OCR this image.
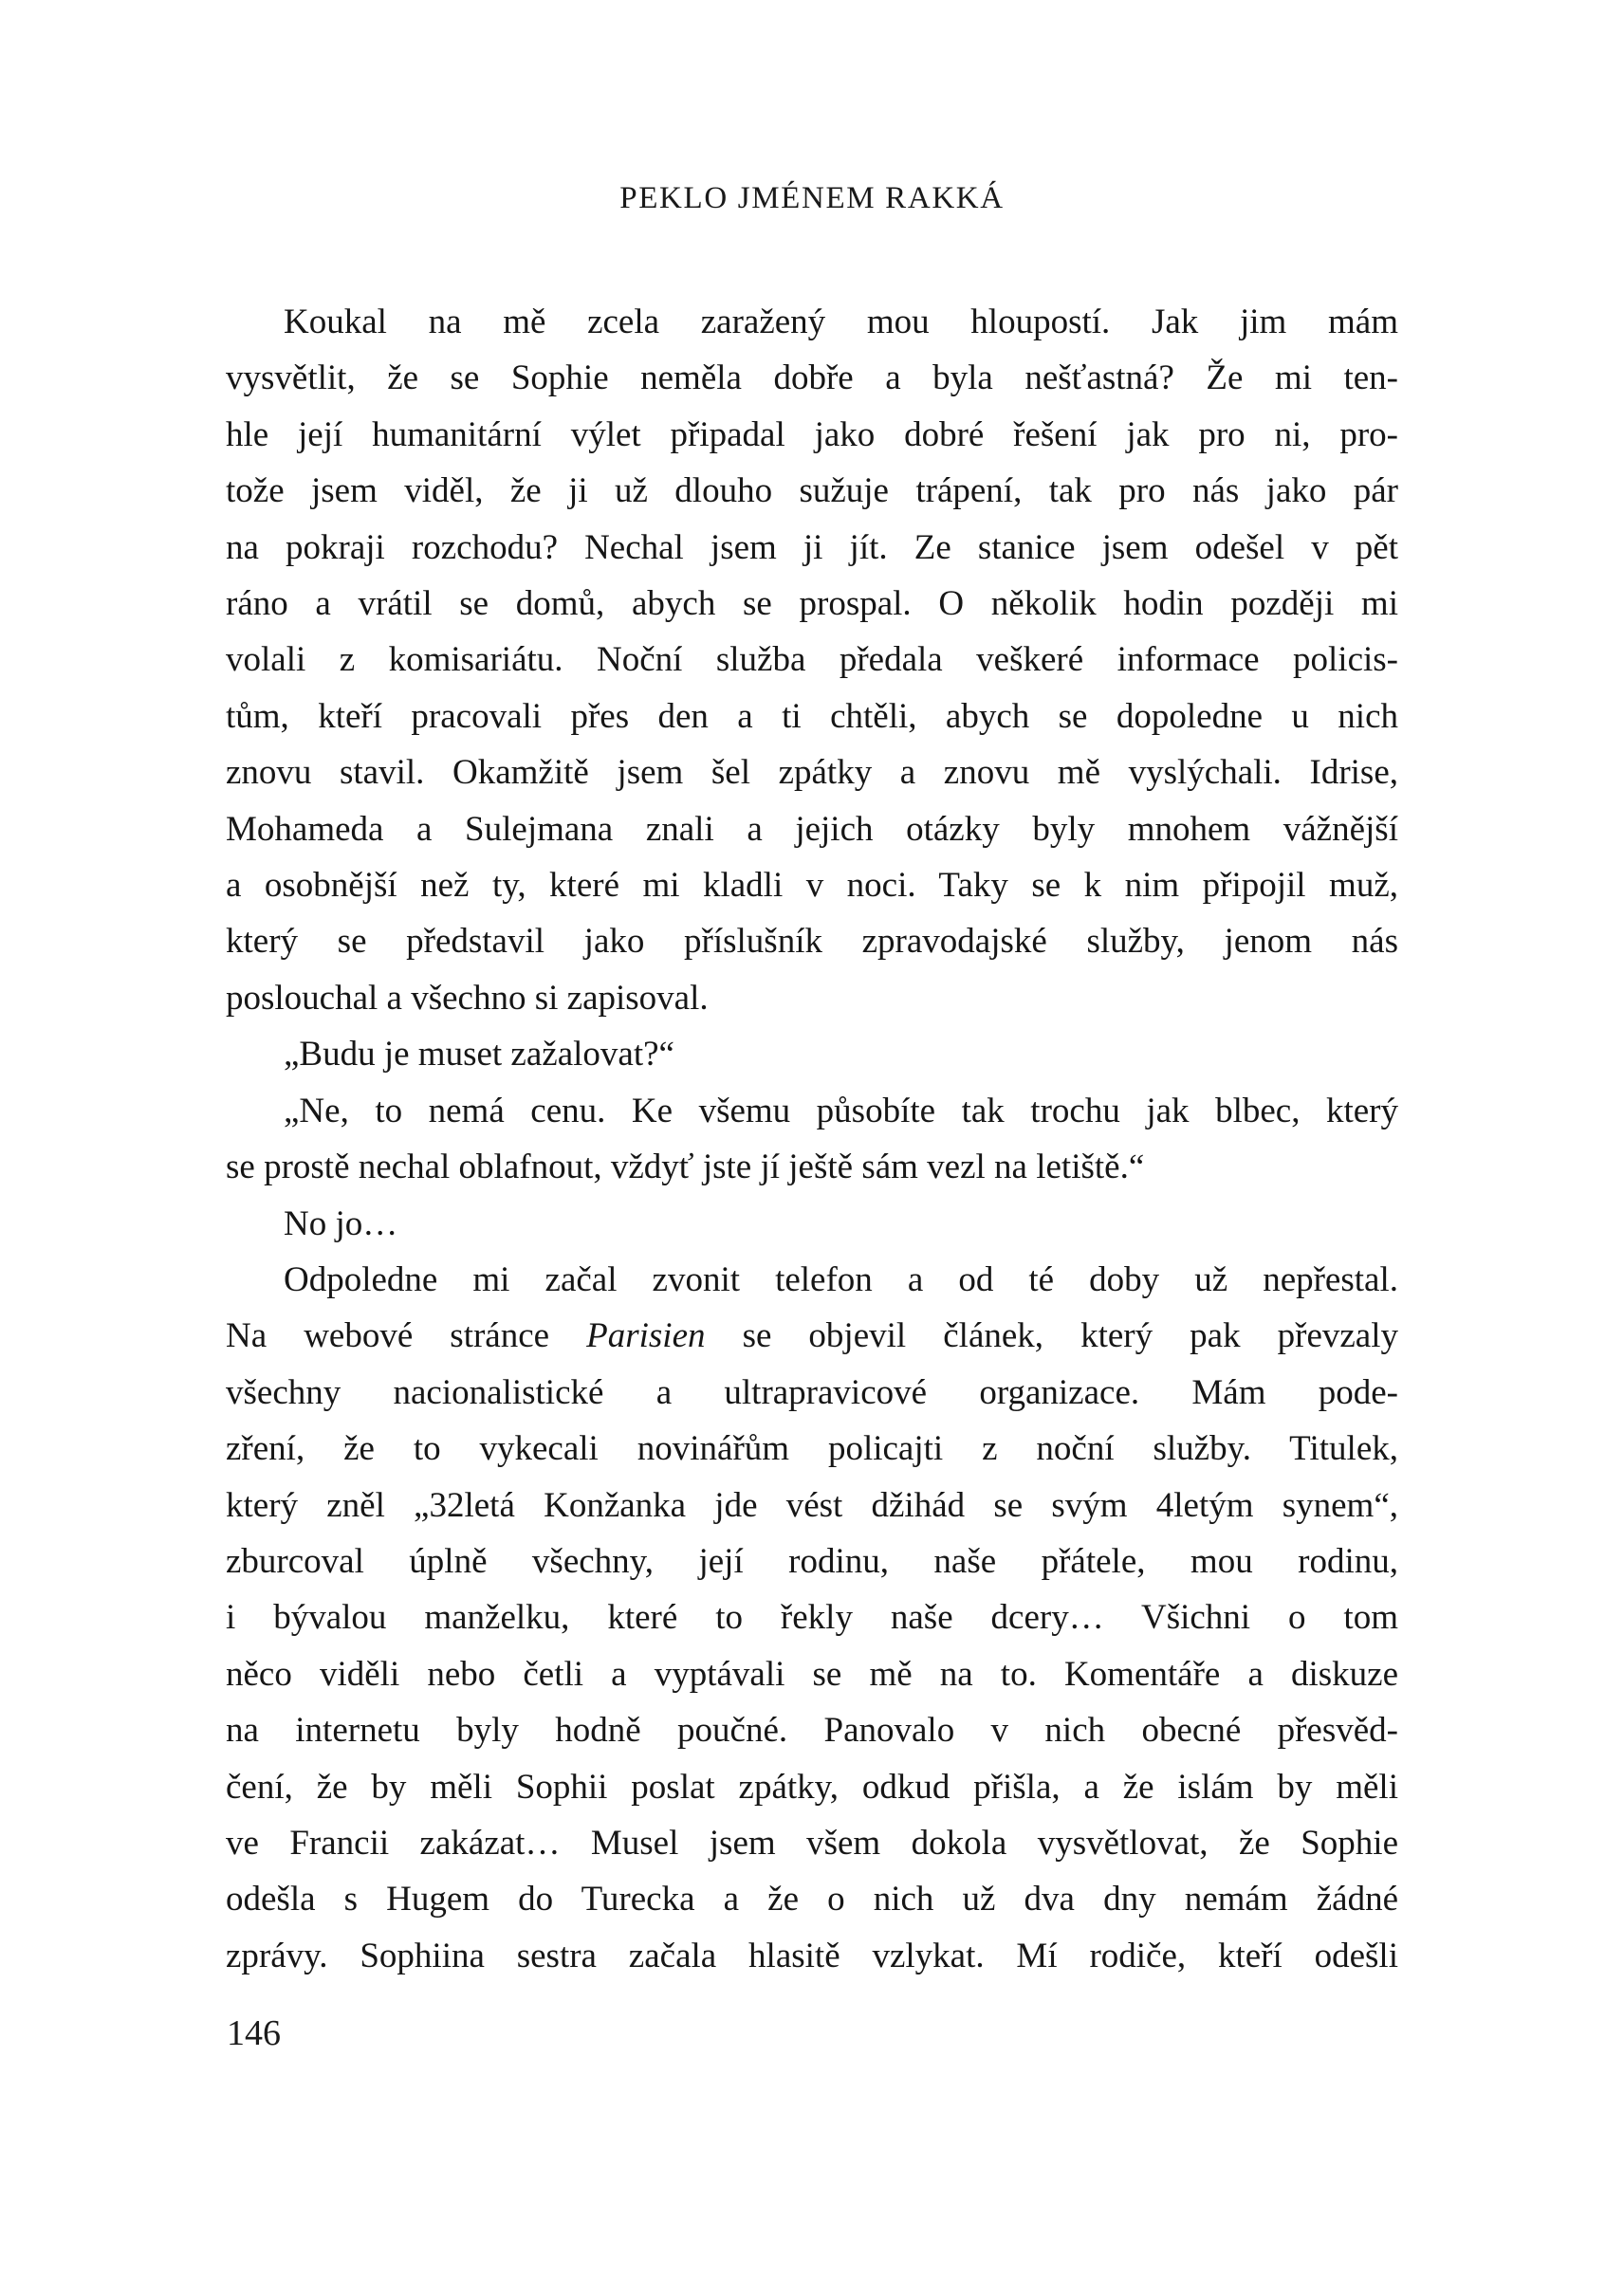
PEKLO JMÉNEM RAKKÁ
Koukal na mě zcela zaražený mou hloupostí. Jak jim mám
vysvětlit, že se Sophie neměla dobře a byla nešťastná? Že mi ten-
hle její humanitární výlet připadal jako dobré řešení jak pro ni, pro-
tože jsem viděl, že ji už dlouho sužuje trápení, tak pro nás jako pár
na pokraji rozchodu? Nechal jsem ji jít. Ze stanice jsem odešel v pět
ráno a vrátil se domů, abych se prospal. O několik hodin později mi
volali z komisariátu. Noční služba předala veškeré informace policis-
tům, kteří pracovali přes den a ti chtěli, abych se dopoledne u nich
znovu stavil. Okamžitě jsem šel zpátky a znovu mě vyslýchali. Idrise,
Mohameda a Sulejmana znali a jejich otázky byly mnohem vážnější
a osobnější než ty, které mi kladli v noci. Taky se k nim připojil muž,
který se představil jako příslušník zpravodajské služby, jenom nás
poslouchal a všechno si zapisoval.
„Budu je muset zažalovat?“
„Ne, to nemá cenu. Ke všemu působíte tak trochu jak blbec, který
se prostě nechal oblafnout, vždyť jste jí ještě sám vezl na letiště.“
No jo…
Odpoledne mi začal zvonit telefon a od té doby už nepřestal.
Na webové stránce Parisien se objevil článek, který pak převzaly
všechny nacionalistické a ultrapravicové organizace. Mám pode-
zření, že to vykecali novinářům policajti z noční služby. Titulek,
který zněl „32letá Konžanka jde vést džihád se svým 4letým synem“,
zburcoval úplně všechny, její rodinu, naše přátele, mou rodinu,
i bývalou manželku, které to řekly naše dcery… Všichni o tom
něco viděli nebo četli a vyptávali se mě na to. Komentáře a diskuze
na internetu byly hodně poučné. Panovalo v nich obecné přesvěd-
čení, že by měli Sophii poslat zpátky, odkud přišla, a že islám by měli
ve Francii zakázat… Musel jsem všem dokola vysvětlovat, že Sophie
odešla s Hugem do Turecka a že o nich už dva dny nemám žádné
zprávy. Sophiina sestra začala hlasitě vzlykat. Mí rodiče, kteří odešli
146
